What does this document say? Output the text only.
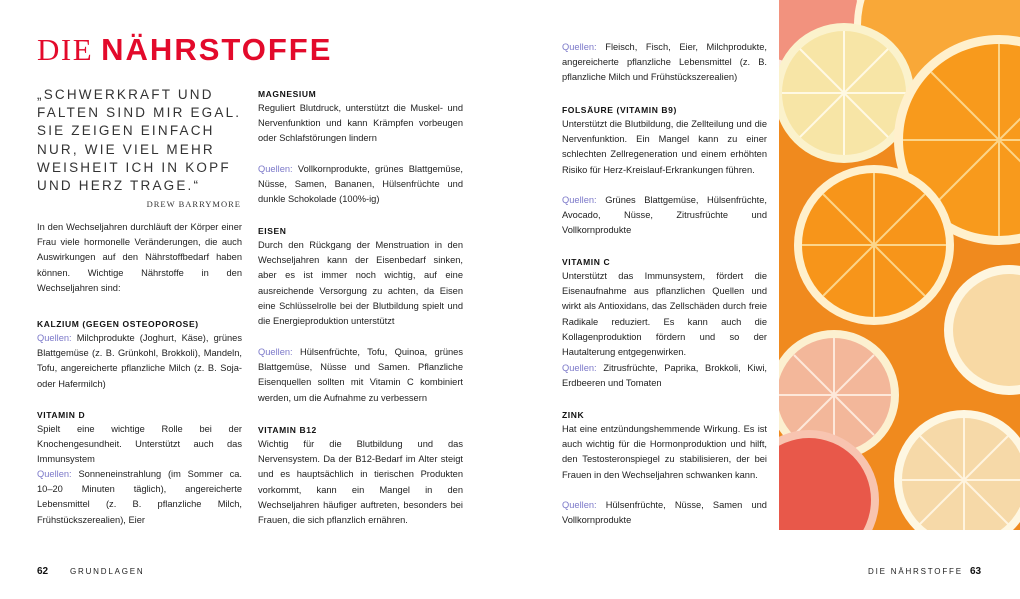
DIE NÄHRSTOFFE

„SCHWERKRAFT UND FALTEN SIND MIR EGAL. SIE ZEIGEN EINFACH NUR, WIE VIEL MEHR WEISHEIT ICH IN KOPF UND HERZ TRAGE.“

DREW BARRYMORE

In den Wechseljahren durchläuft der Körper einer Frau viele hormonelle Veränderungen, die auch Auswirkungen auf den Nährstoffbedarf haben können. Wichtige Nährstoffe in den Wechseljahren sind:

KALZIUM (GEGEN OSTEOPOROSE)

Quellen: Milchprodukte (Joghurt, Käse), grünes Blattgemüse (z. B. Grünkohl, Brokkoli), Mandeln, Tofu, angereicherte pflanzliche Milch (z. B. Soja- oder Hafermilch)

VITAMIN D

Spielt eine wichtige Rolle bei der Knochengesundheit. Unterstützt auch das Immunsystem

Quellen: Sonneneinstrahlung (im Sommer ca. 10–20 Minuten täglich), angereicherte Lebensmittel (z. B. pflanzliche Milch, Frühstückszerealien), Eier

MAGNESIUM

Reguliert Blutdruck, unterstützt die Muskel- und Nervenfunktion und kann Krämpfen vorbeugen oder Schlafstörungen lindern

Quellen: Vollkornprodukte, grünes Blattgemüse, Nüsse, Samen, Bananen, Hülsenfrüchte und dunkle Schokolade (100%-ig)

EISEN

Durch den Rückgang der Menstruation in den Wechseljahren kann der Eisenbedarf sinken, aber es ist immer noch wichtig, auf eine ausreichende Versorgung zu achten, da Eisen eine Schlüsselrolle bei der Blutbildung spielt und die Energieproduktion unterstützt

Quellen: Hülsenfrüchte, Tofu, Quinoa, grünes Blattgemüse, Nüsse und Samen. Pflanzliche Eisenquellen sollten mit Vitamin C kombiniert werden, um die Aufnahme zu verbessern

VITAMIN B12

Wichtig für die Blutbildung und das Nervensystem. Da der B12-Bedarf im Alter steigt und es hauptsächlich in tierischen Produkten vorkommt, kann ein Mangel in den Wechseljahren häufiger auftreten, besonders bei Frauen, die sich pflanzlich ernähren.

Quellen: Fleisch, Fisch, Eier, Milchprodukte, angereicherte pflanzliche Lebensmittel (z. B. pflanzliche Milch und Frühstückszerealien)

FOLSÄURE (VITAMIN B9)

Unterstützt die Blutbildung, die Zellteilung und die Nervenfunktion. Ein Mangel kann zu einer schlechten Zellregeneration und einem erhöhten Risiko für Herz-Kreislauf-Erkrankungen führen.

Quellen: Grünes Blattgemüse, Hülsenfrüchte, Avocado, Nüsse, Zitrusfrüchte und Vollkornprodukte

VITAMIN C

Unterstützt das Immunsystem, fördert die Eisenaufnahme aus pflanzlichen Quellen und wirkt als Antioxidans, das Zellschäden durch freie Radikale reduziert. Es kann auch die Kollagenproduktion fördern und so der Hautalterung entgegenwirken.

Quellen: Zitrusfrüchte, Paprika, Brokkoli, Kiwi, Erdbeeren und Tomaten

ZINK

Hat eine entzündungshemmende Wirkung. Es ist auch wichtig für die Hormonproduktion und hilft, den Testosteronspiegel zu stabilisieren, der bei Frauen in den Wechseljahren schwanken kann.

Quellen: Hülsenfrüchte, Nüsse, Samen und Vollkornprodukte

62	GRUNDLAGEN	DIE NÄHRSTOFFE 63
